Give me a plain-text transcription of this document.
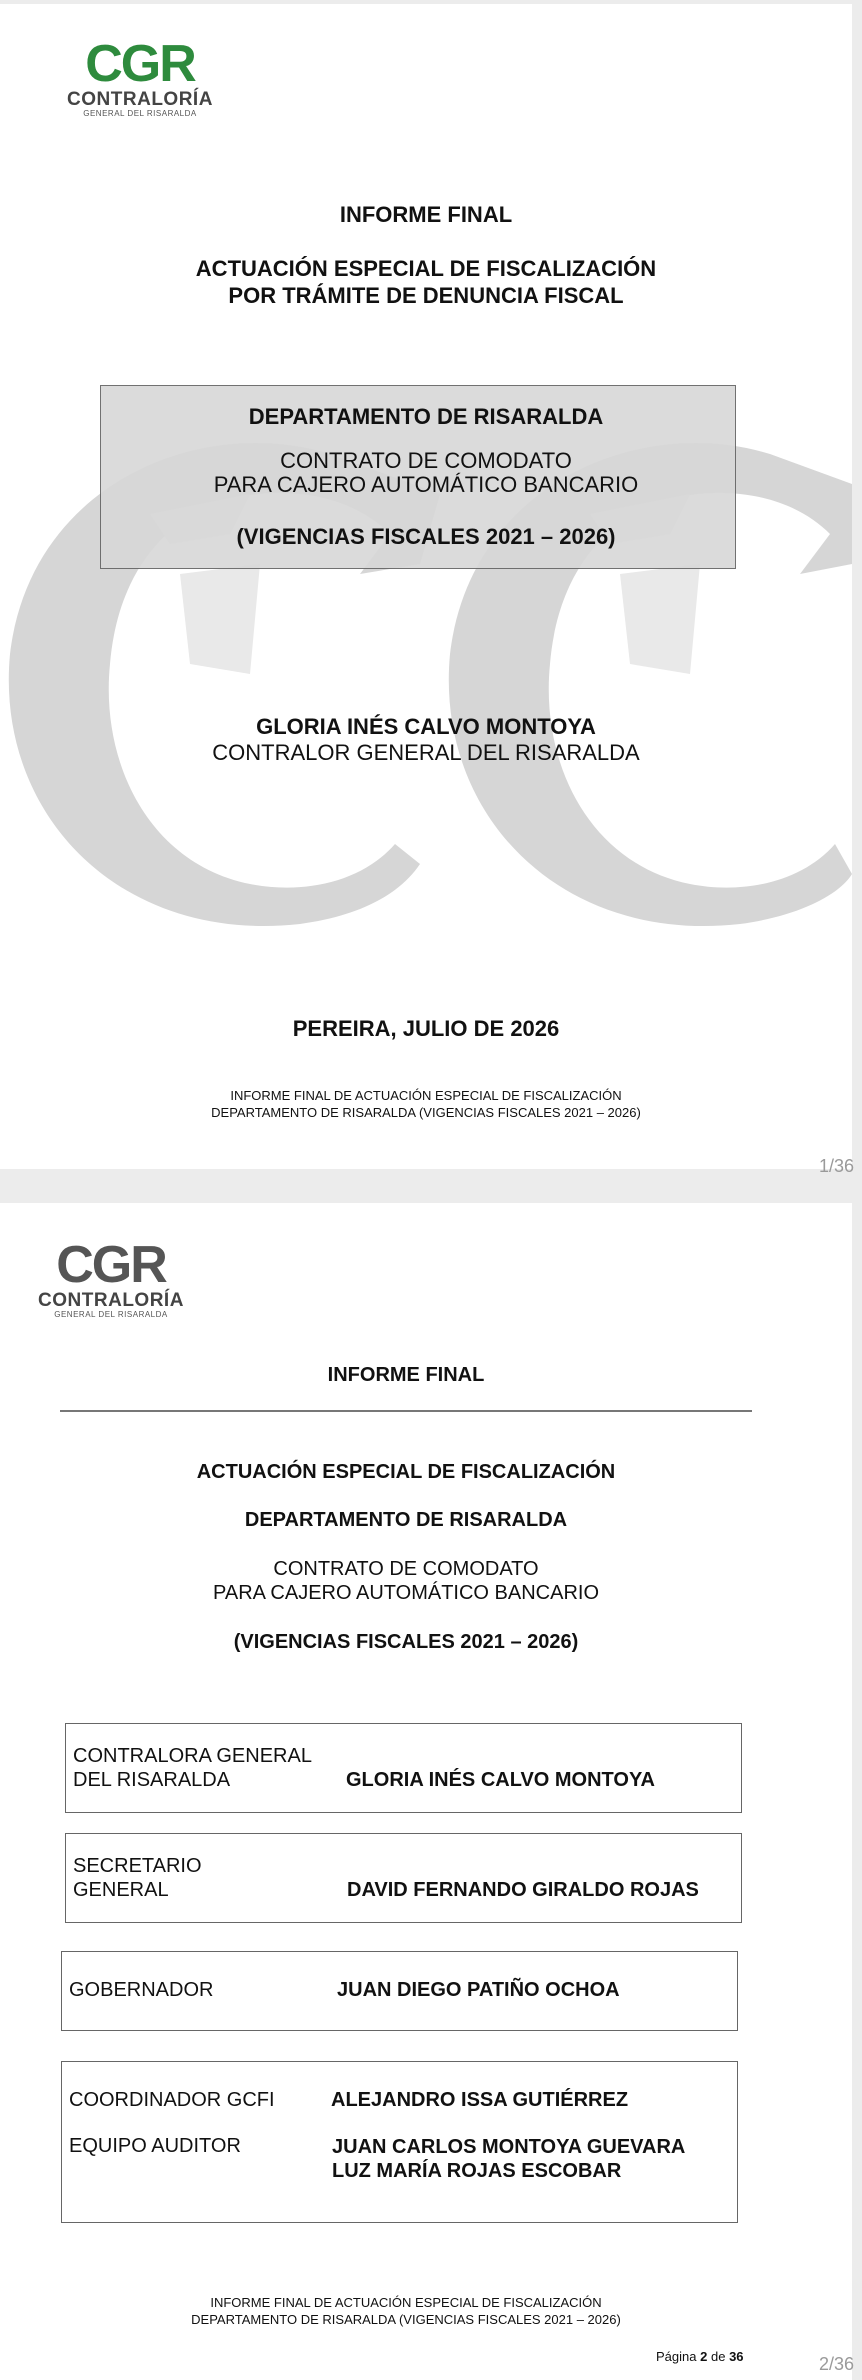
CGR
CONTRALORÍA
GENERAL DEL RISARALDA
INFORME FINAL
ACTUACIÓN ESPECIAL DE FISCALIZACIÓN
POR TRÁMITE DE DENUNCIA FISCAL
DEPARTAMENTO DE RISARALDA
CONTRATO DE COMODATO
PARA CAJERO AUTOMÁTICO BANCARIO
(VIGENCIAS FISCALES 2021 – 2026)
GLORIA INÉS CALVO MONTOYA
CONTRALOR GENERAL DEL RISARALDA
PEREIRA, JULIO DE 2026
INFORME FINAL DE ACTUACIÓN ESPECIAL DE FISCALIZACIÓN
DEPARTAMENTO DE RISARALDA (VIGENCIAS FISCALES 2021 – 2026)
1/36
CGR
CONTRALORÍA
GENERAL DEL RISARALDA
INFORME FINAL
ACTUACIÓN ESPECIAL DE FISCALIZACIÓN
DEPARTAMENTO DE RISARALDA
CONTRATO DE COMODATO
PARA CAJERO AUTOMÁTICO BANCARIO
(VIGENCIAS FISCALES 2021 – 2026)
CONTRALORA GENERAL
DEL RISARALDA	GLORIA INÉS CALVO MONTOYA
SECRETARIO
GENERAL	DAVID FERNANDO GIRALDO ROJAS
GOBERNADOR	JUAN DIEGO PATIÑO OCHOA
COORDINADOR GCFI	ALEJANDRO ISSA GUTIÉRREZ
EQUIPO AUDITOR	JUAN CARLOS MONTOYA GUEVARA
LUZ MARÍA ROJAS ESCOBAR
INFORME FINAL DE ACTUACIÓN ESPECIAL DE FISCALIZACIÓN
DEPARTAMENTO DE RISARALDA (VIGENCIAS FISCALES 2021 – 2026)
Página 2 de 36	2/36
